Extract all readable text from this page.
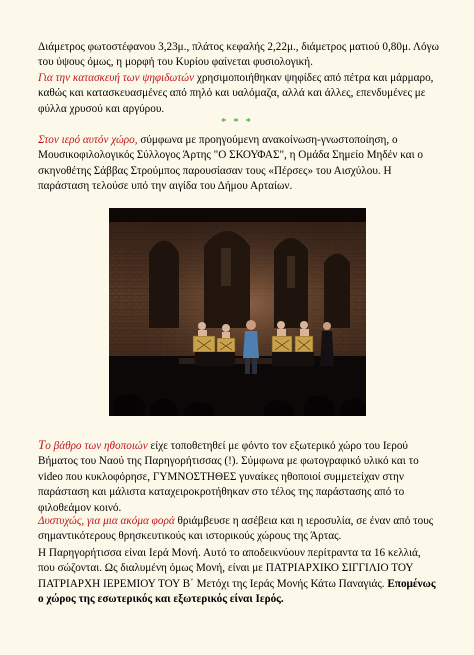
Διάμετρος φωτοστέφανου 3,23μ., πλάτος κεφαλής 2,22μ., διάμετρος ματιού 0,80μ. Λόγω του ύψους όμως, η μορφή του Κυρίου φαίνεται φυσιολογική.

Για την κατασκευή των ψηφιδωτών χρησιμοποιήθηκαν ψηφίδες από πέτρα και μάρμαρο, καθώς και κατασκευασμένες από πηλό και υαλόμαζα, αλλά και άλλες, επενδυμένες με φύλλα χρυσού και αργύρου.

* * *

Στον ιερό αυτόν χώρο, σύμφωνα με προηγούμενη ανακοίνωση-γνωστοποίηση, ο Μουσικοφιλολογικός Σύλλογος Άρτης "Ο ΣΚΟΥΦΑΣ", η Ομάδα Σημείο Μηδέν και ο σκηνοθέτης Σάββας Στρούμπος παρουσίασαν τους «Πέρσες» του Αισχύλου. Η παράσταση τελούσε υπό την αιγίδα του Δήμου Αρταίων.

Το βάθρο των ηθοποιών είχε τοποθετηθεί με φόντο τον εξωτερικό χώρο του Ιερού Βήματος του Ναού της Παρηγορήτισσας (!). Σύμφωνα με φωτογραφικό υλικό και το video που κυκλοφόρησε, ΓΥΜΝΟΣΤΗΘΕΣ γυναίκες ηθοποιοί συμμετείχαν στην παράσταση και μάλιστα καταχειροκροτήθηκαν στο τέλος της παράστασης από το φιλοθεάμον κοινό.

Δυστυχώς, για μια ακόμα φορά θριάμβευσε η ασέβεια και η ιεροσυλία, σε έναν από τους σημαντικότερους θρησκευτικούς και ιστορικούς χώρους της Άρτας.

Η Παρηγορήτισσα είναι Ιερά Μονή. Αυτό το αποδεικνύουν περίτραντα τα 16 κελλιά, που σώζονται. Ως διαλυμένη όμως Μονή, είναι με ΠΑΤΡΙΑΡΧΙΚΟ ΣΙΓΓΙΛΙΟ ΤΟΥ ΠΑΤΡΙΑΡΧΗ ΙΕΡΕΜΙΟΥ ΤΟΥ Β΄ Μετόχι της Ιεράς Μονής Κάτω Παναγιάς. Επομένως ο χώρος της εσωτερικός και εξωτερικός είναι Ιερός.
